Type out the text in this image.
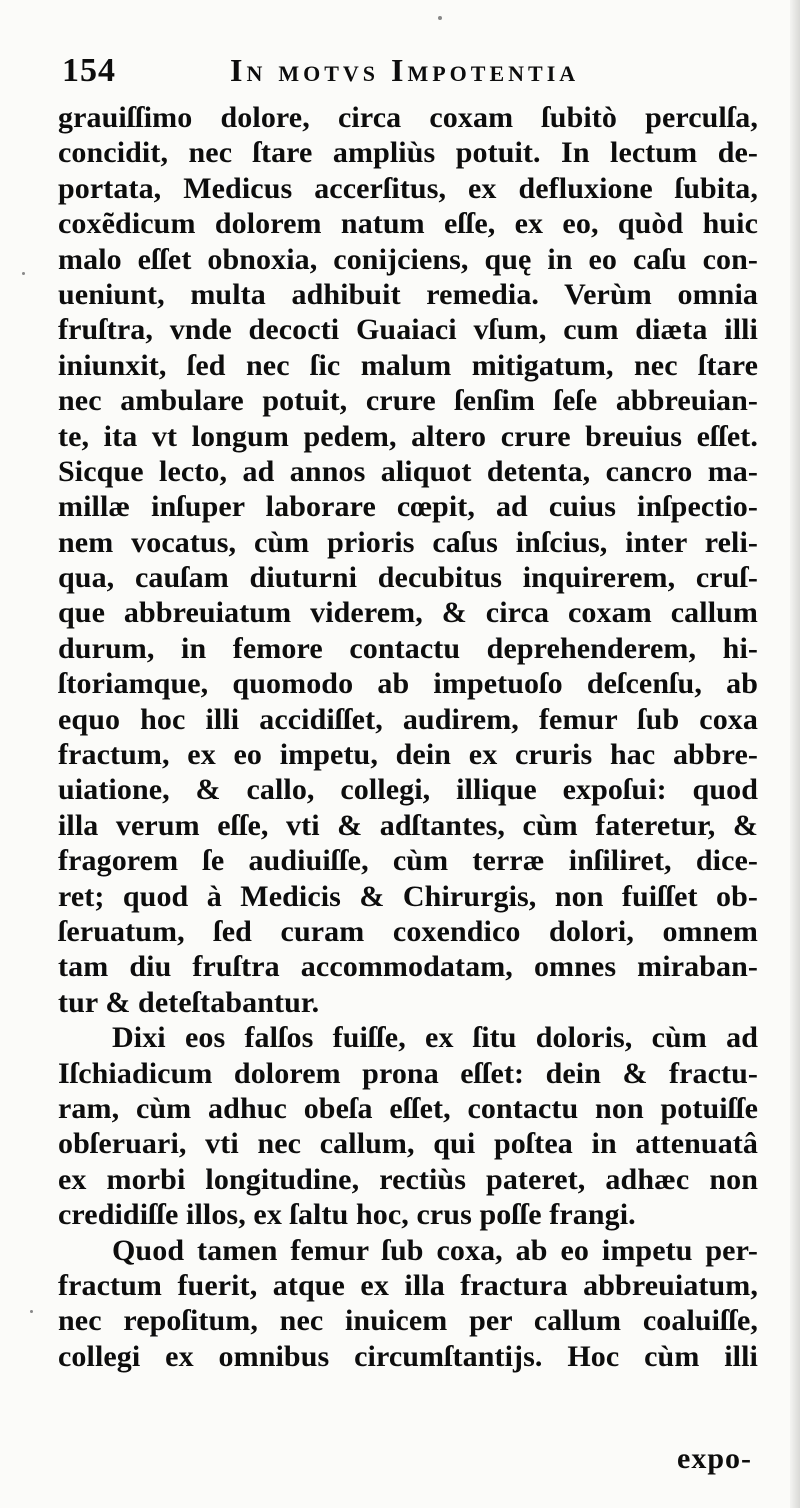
154	In motvs Impotentia
grauiſſimo dolore, circa coxam ſubitò perculſa,
concidit, nec ſtare ampliùs potuit. In lectum de-
portata, Medicus accerſitus, ex defluxione ſubita,
coxẽdicum dolorem natum eſſe, ex eo, quòd huic
malo eſſet obnoxia, conijciens, quę in eo caſu con-
ueniunt, multa adhibuit remedia. Verùm omnia
fruſtra, vnde decocti Guaiaci vſum, cum diæta illi
iniunxit, ſed nec ſic malum mitigatum, nec ſtare
nec ambulare potuit, crure ſenſim ſeſe abbreuian-
te, ita vt longum pedem, altero crure breuius eſſet.
Sicque lecto, ad annos aliquot detenta, cancro ma-
millæ inſuper laborare cœpit, ad cuius inſpectio-
nem vocatus, cùm prioris caſus inſcius, inter reli-
qua, cauſam diuturni decubitus inquirerem, cruſ-
que abbreuiatum viderem, & circa coxam callum
durum, in femore contactu deprehenderem, hi-
ſtoriamque, quomodo ab impetuoſo deſcenſu, ab
equo hoc illi accidiſſet, audirem, femur ſub coxa
fractum, ex eo impetu, dein ex cruris hac abbre-
uiatione, & callo, collegi, illique expoſui: quod
illa verum eſſe, vti & adſtantes, cùm fateretur, &
fragorem ſe audiuiſſe, cùm terræ inſiliret, dice-
ret; quod à Medicis & Chirurgis, non fuiſſet ob-
ſeruatum, ſed curam coxendico dolori, omnem
tam diu fruſtra accommodatam, omnes miraban-
tur & deteſtabantur.
Dixi eos falſos fuiſſe, ex ſitu doloris, cùm ad
Iſchiadicum dolorem prona eſſet: dein & fractu-
ram, cùm adhuc obeſa eſſet, contactu non potuiſſe
obſeruari, vti nec callum, qui poſtea in attenuatâ
ex morbi longitudine, rectiùs pateret, adhæc non
credidiſſe illos, ex ſaltu hoc, crus poſſe frangi.
Quod tamen femur ſub coxa, ab eo impetu per-
fractum fuerit, atque ex illa fractura abbreuiatum,
nec repoſitum, nec inuicem per callum coaluiſſe,
collegi ex omnibus circumſtantijs. Hoc cùm illi
expo-
